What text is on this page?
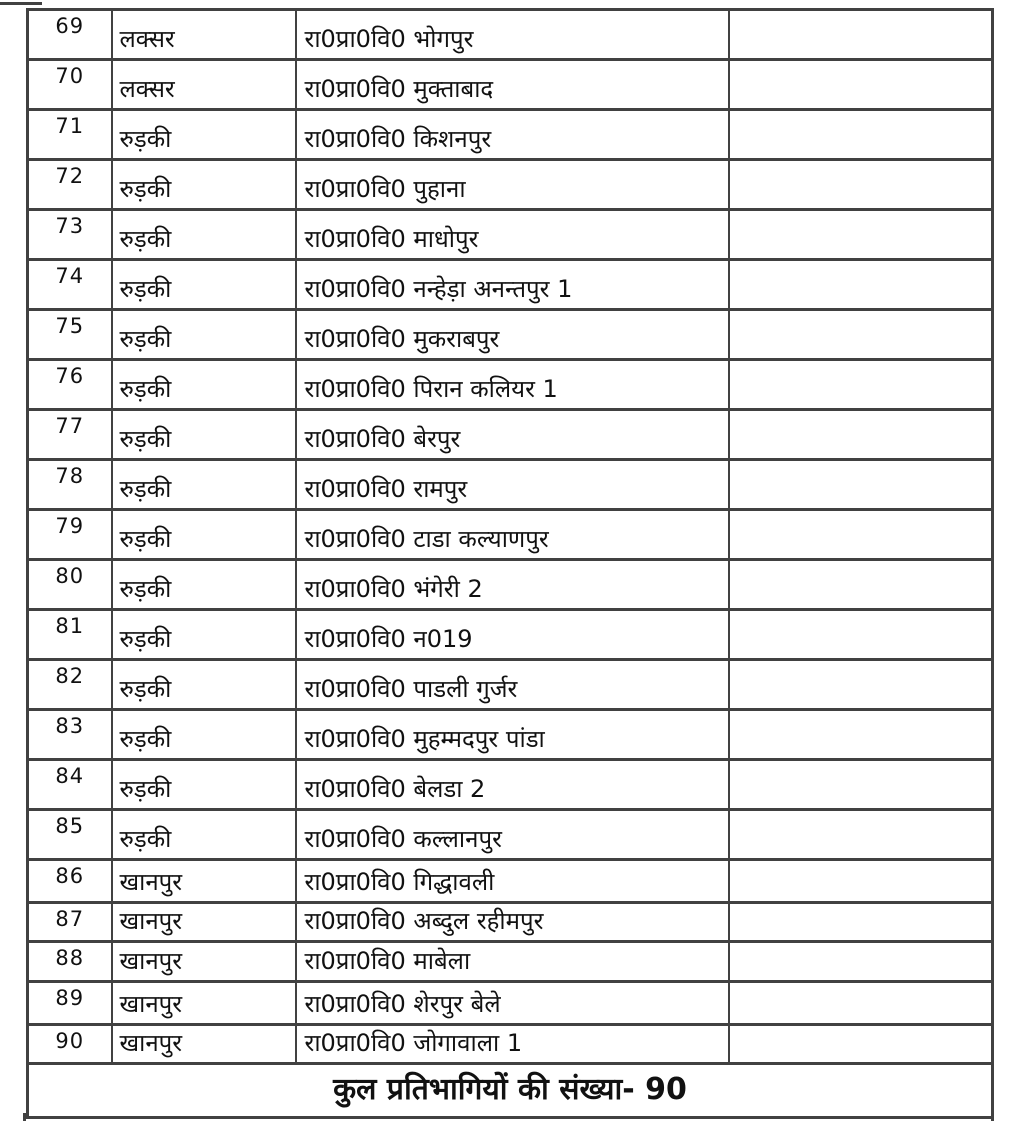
69	लक्सर	रा0प्रा0वि0 भोगपुर	
70	लक्सर	रा0प्रा0वि0 मुक्ताबाद	
71	रुड़की	रा0प्रा0वि0 किशनपुर	
72	रुड़की	रा0प्रा0वि0 पुहाना	
73	रुड़की	रा0प्रा0वि0 माधोपुर	
74	रुड़की	रा0प्रा0वि0 नन्हेड़ा अनन्तपुर 1	
75	रुड़की	रा0प्रा0वि0 मुकराबपुर	
76	रुड़की	रा0प्रा0वि0 पिरान कलियर 1	
77	रुड़की	रा0प्रा0वि0 बेरपुर	
78	रुड़की	रा0प्रा0वि0 रामपुर	
79	रुड़की	रा0प्रा0वि0 टाडा कल्याणपुर	
80	रुड़की	रा0प्रा0वि0 भंगेरी 2	
81	रुड़की	रा0प्रा0वि0 न019	
82	रुड़की	रा0प्रा0वि0 पाडली गुर्जर	
83	रुड़की	रा0प्रा0वि0 मुहम्मदपुर पांडा	
84	रुड़की	रा0प्रा0वि0 बेलडा 2	
85	रुड़की	रा0प्रा0वि0 कल्लानपुर	
86	खानपुर	रा0प्रा0वि0 गिद्धावली	
87	खानपुर	रा0प्रा0वि0 अब्दुल रहीमपुर	
88	खानपुर	रा0प्रा0वि0 माबेला	
89	खानपुर	रा0प्रा0वि0 शेरपुर बेले	
90	खानपुर	रा0प्रा0वि0 जोगावाला 1	
कुल प्रतिभागियों की संख्या- 90			
